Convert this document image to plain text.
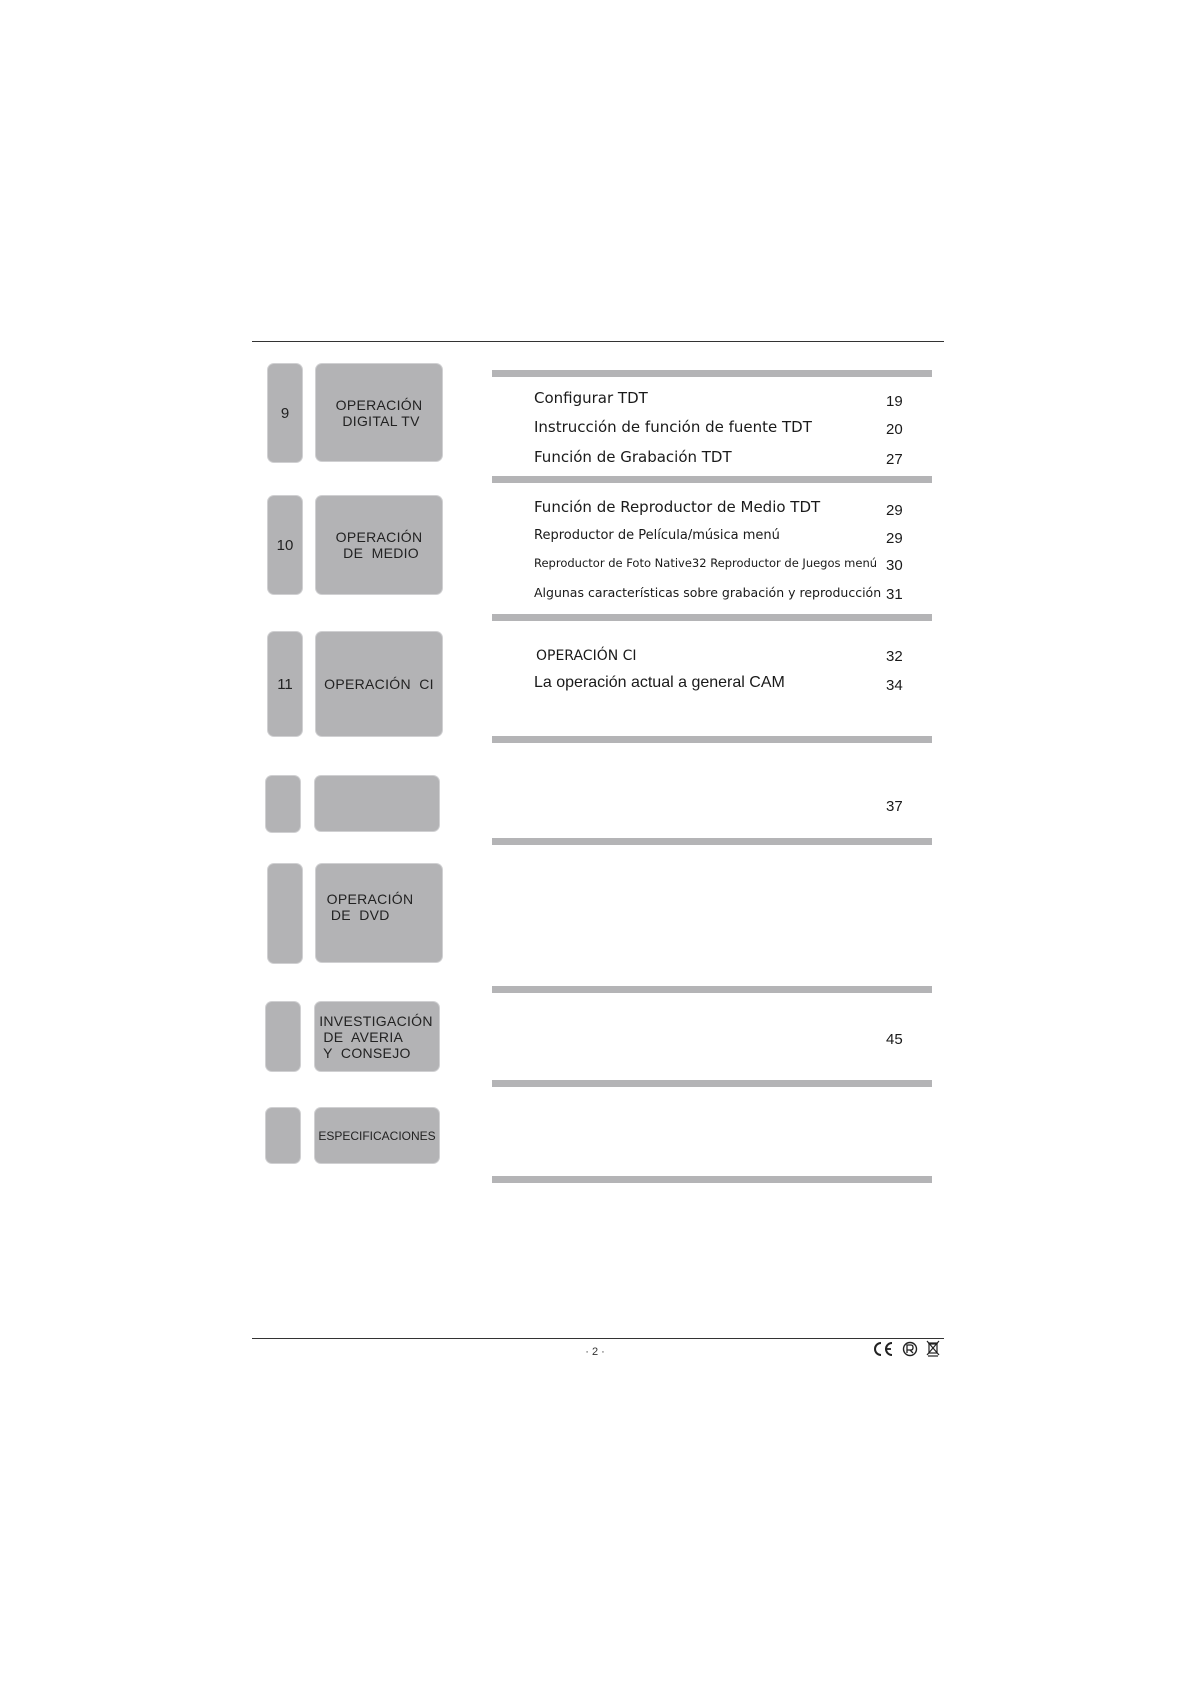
9	OPERACIÓN
DIGITAL TV
10	OPERACIÓN
DE  MEDIO
11 OPERACIÓN  CI
OPERACIÓN
DE  DVD
INVESTIGACIÓN
DE  AVERIA
Y  CONSEJO
ESPECIFICACIONES
Configurar TDT	19
Instrucción de función de fuente TDT	20
Función de Grabación TDT	27
Función de Reproductor de Medio TDT	29
Reproductor de Película/música menú	29
Reproductor de Foto Native32 Reproductor de Juegos menú 30
Algunas características sobre grabación y reproducción 31
OPERACIÓN CI	32
La operación actual a general CAM	34
37
45
· 2 ·
